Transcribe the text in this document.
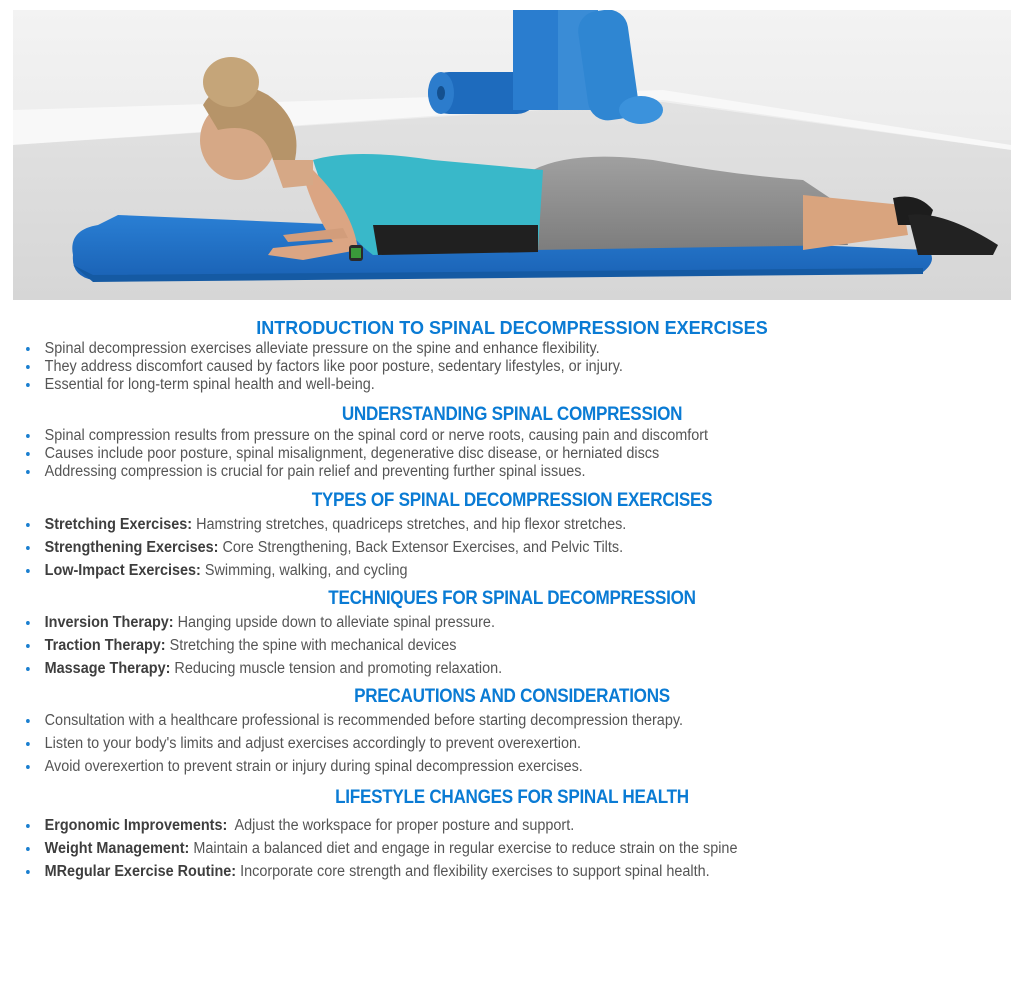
INTRODUCTION TO SPINAL DECOMPRESSION EXERCISES
Spinal decompression exercises alleviate pressure on the spine and enhance flexibility.
They address discomfort caused by factors like poor posture, sedentary lifestyles, or injury.
Essential for long-term spinal health and well-being.
UNDERSTANDING SPINAL COMPRESSION
Spinal compression results from pressure on the spinal cord or nerve roots, causing pain and discomfort
Causes include poor posture, spinal misalignment, degenerative disc disease, or herniated discs
Addressing compression is crucial for pain relief and preventing further spinal issues.
TYPES OF SPINAL DECOMPRESSION EXERCISES
Stretching Exercises: Hamstring stretches, quadriceps stretches, and hip flexor stretches.
Strengthening Exercises: Core Strengthening, Back Extensor Exercises, and Pelvic Tilts.
Low-Impact Exercises: Swimming, walking, and cycling
TECHNIQUES FOR SPINAL DECOMPRESSION
Inversion Therapy: Hanging upside down to alleviate spinal pressure.
Traction Therapy: Stretching the spine with mechanical devices
Massage Therapy: Reducing muscle tension and promoting relaxation.
PRECAUTIONS AND CONSIDERATIONS
Consultation with a healthcare professional is recommended before starting decompression therapy.
Listen to your body's limits and adjust exercises accordingly to prevent overexertion.
Avoid overexertion to prevent strain or injury during spinal decompression exercises.
LIFESTYLE CHANGES FOR SPINAL HEALTH
Ergonomic Improvements:  Adjust the workspace for proper posture and support.
Weight Management: Maintain a balanced diet and engage in regular exercise to reduce strain on the spine
MRegular Exercise Routine: Incorporate core strength and flexibility exercises to support spinal health.
